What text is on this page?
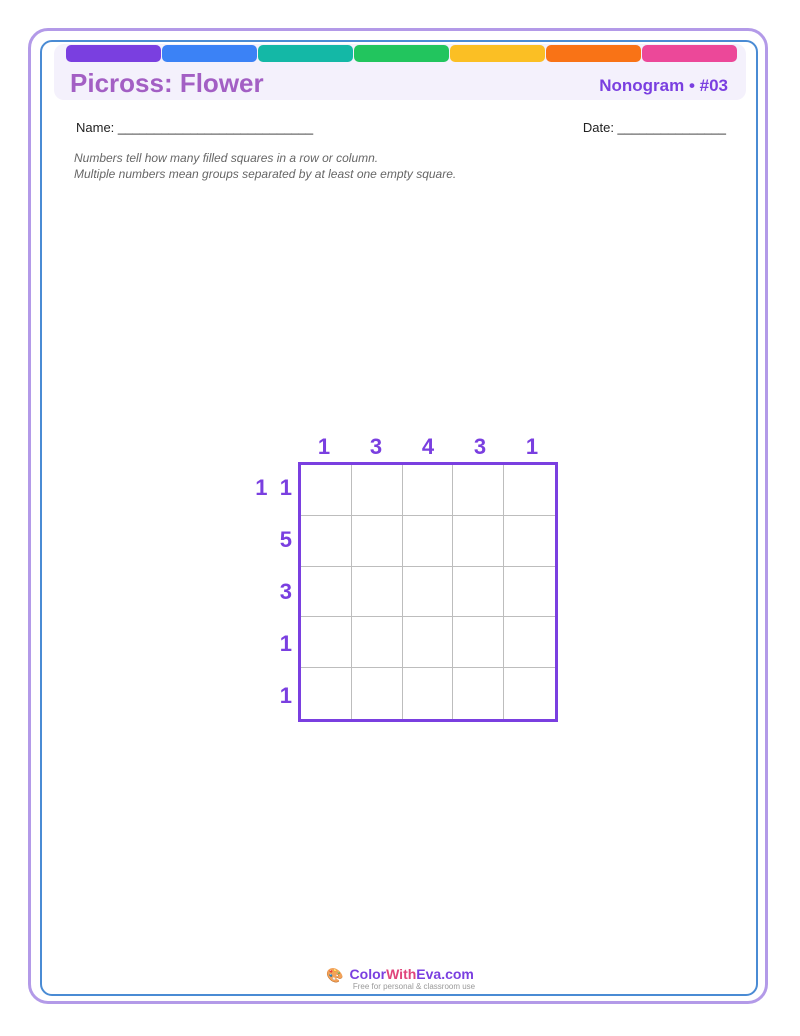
Picross: Flower	Nonogram • #03
Name: ___________________________	Date: _______________
Numbers tell how many filled squares in a row or column.
Multiple numbers mean groups separated by at least one empty square.
1	3	4	3	1
1  1
5
3
1
1
🎨 ColorWithEva.com
Free for personal & classroom use
